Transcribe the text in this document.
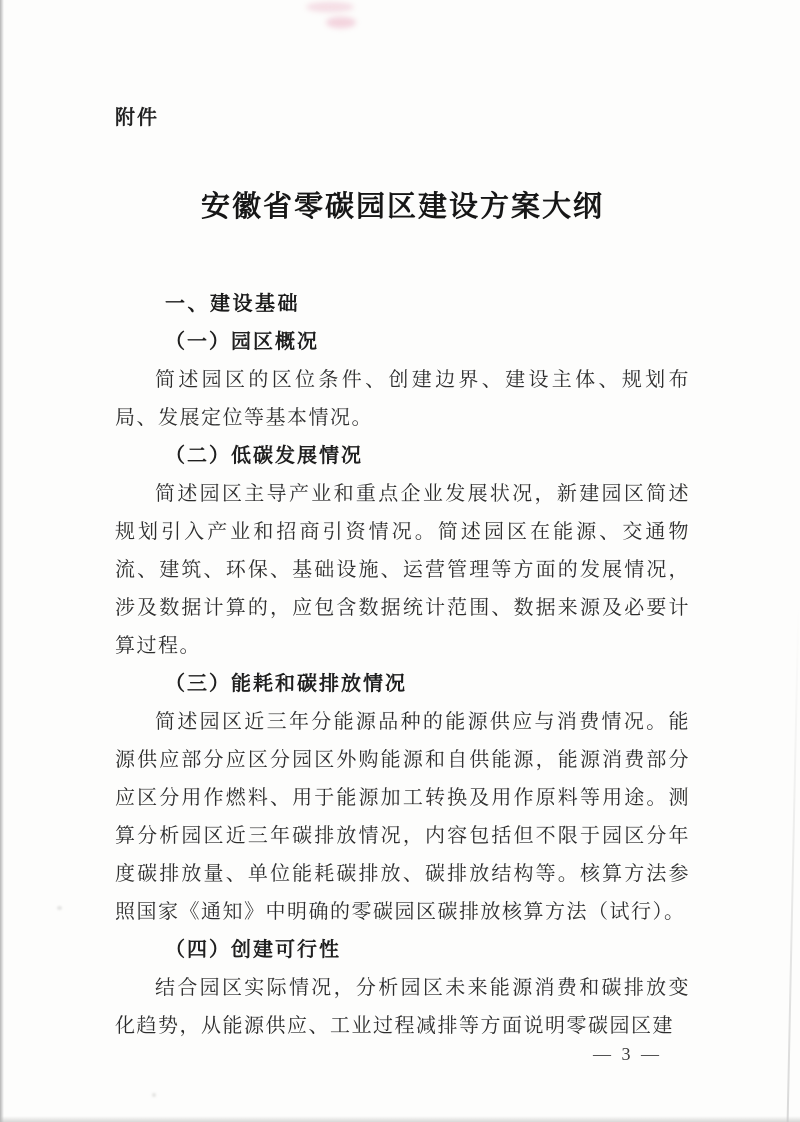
附件
安徽省零碳园区建设方案大纲
一、建设基础
（一）园区概况
简述园区的区位条件、创建边界、建设主体、规划布局、发展定位等基本情况。
（二）低碳发展情况
简述园区主导产业和重点企业发展状况，新建园区简述规划引入产业和招商引资情况。简述园区在能源、交通物流、建筑、环保、基础设施、运营管理等方面的发展情况，涉及数据计算的，应包含数据统计范围、数据来源及必要计算过程。
（三）能耗和碳排放情况
简述园区近三年分能源品种的能源供应与消费情况。能源供应部分应区分园区外购能源和自供能源，能源消费部分应区分用作燃料、用于能源加工转换及用作原料等用途。测算分析园区近三年碳排放情况，内容包括但不限于园区分年度碳排放量、单位能耗碳排放、碳排放结构等。核算方法参照国家《通知》中明确的零碳园区碳排放核算方法（试行）。
（四）创建可行性
结合园区实际情况，分析园区未来能源消费和碳排放变化趋势，从能源供应、工业过程减排等方面说明零碳园区建
— 3 —
